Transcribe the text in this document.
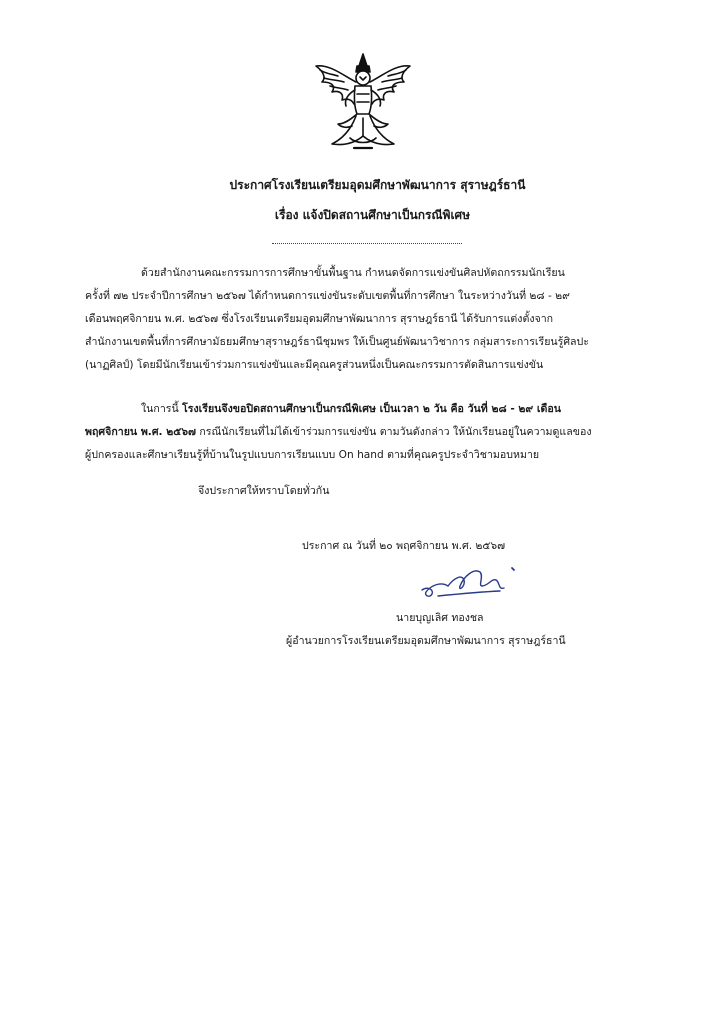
ประกาศโรงเรียนเตรียมอุดมศึกษาพัฒนาการ สุราษฎร์ธานี
เรื่อง แจ้งปิดสถานศึกษาเป็นกรณีพิเศษ
ด้วยสำนักงานคณะกรรมการการศึกษาขั้นพื้นฐาน กำหนดจัดการแข่งขันศิลปหัตถกรรมนักเรียน
ครั้งที่ ๗๒ ประจำปีการศึกษา ๒๕๖๗ ได้กำหนดการแข่งขันระดับเขตพื้นที่การศึกษา ในระหว่างวันที่ ๒๘ - ๒๙
เดือนพฤศจิกายน พ.ศ. ๒๕๖๗ ซึ่งโรงเรียนเตรียมอุดมศึกษาพัฒนาการ สุราษฎร์ธานี ได้รับการแต่งตั้งจาก
สำนักงานเขตพื้นที่การศึกษามัธยมศึกษาสุราษฎร์ธานีชุมพร ให้เป็นศูนย์พัฒนาวิชาการ กลุ่มสาระการเรียนรู้ศิลปะ
(นาฏศิลป์) โดยมีนักเรียนเข้าร่วมการแข่งขันและมีคุณครูส่วนหนึ่งเป็นคณะกรรมการตัดสินการแข่งขัน
ในการนี้ โรงเรียนจึงขอปิดสถานศึกษาเป็นกรณีพิเศษ เป็นเวลา ๒ วัน คือ วันที่ ๒๘ - ๒๙ เดือน
พฤศจิกายน พ.ศ. ๒๕๖๗ กรณีนักเรียนที่ไม่ได้เข้าร่วมการแข่งขัน ตามวันดังกล่าว ให้นักเรียนอยู่ในความดูแลของ
ผู้ปกครองและศึกษาเรียนรู้ที่บ้านในรูปแบบการเรียนแบบ On hand ตามที่คุณครูประจำวิชามอบหมาย
จึงประกาศให้ทราบโดยทั่วกัน
ประกาศ ณ วันที่ ๒๐ พฤศจิกายน พ.ศ. ๒๕๖๗
นายบุญเลิศ ทองชล
ผู้อำนวยการโรงเรียนเตรียมอุดมศึกษาพัฒนาการ สุราษฎร์ธานี
